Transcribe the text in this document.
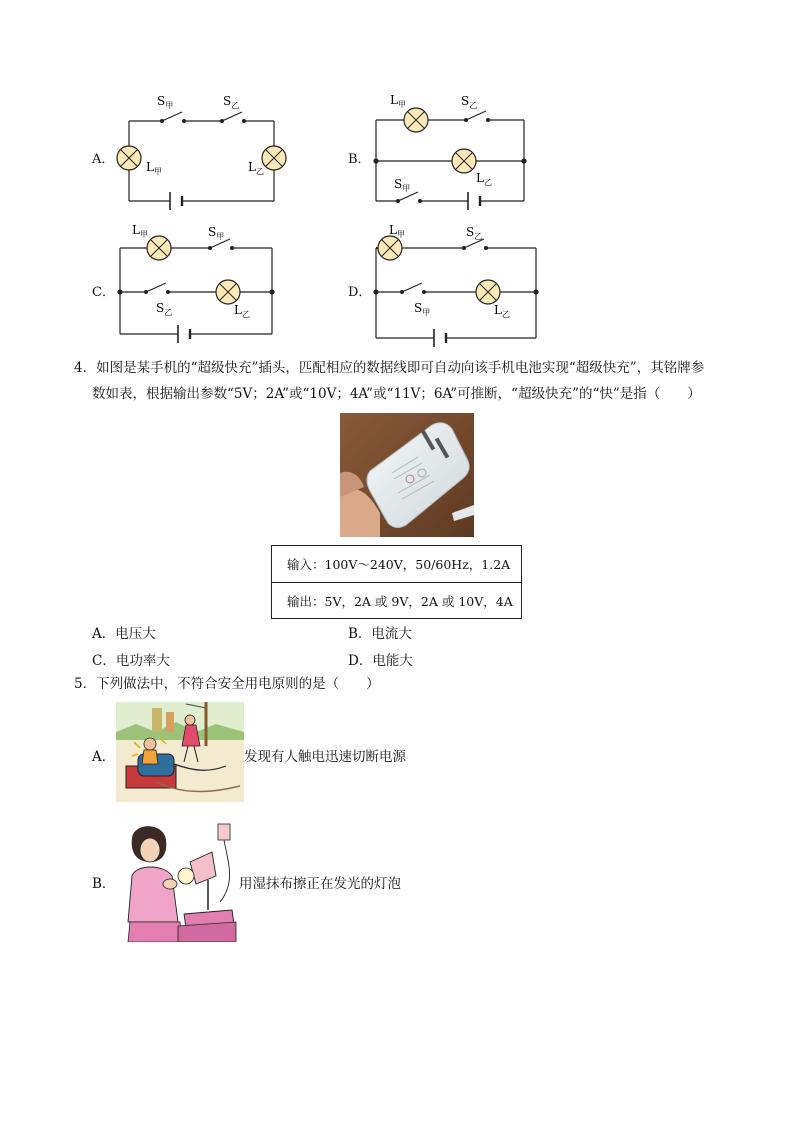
A．
$S_甲$	$S_乙$
$L_甲$	$L_乙$
B．
$L_甲$	$S_乙$
$L_乙$
$S_甲$
C．
$L_甲$	$S_甲$
$S_乙$	$L_乙$
D．
$L_甲$	$S_乙$
$S_甲$	$L_乙$
4．如图是某手机的“超级快充”插头，匹配相应的数据线即可自动向该手机电池实现“超级快充”，其铭牌参
数如表，根据输出参数“5V；2A”或“10V；4A”或“11V；6A”可推断，“超级快充”的“快”是指（　　）
输入：100V～240V，50/60Hz，1.2A
输出：5V，2A 或 9V，2A 或 10V，4A
A．电压大	B．电流大
C．电功率大	D．电能大
5．下列做法中，不符合安全用电原则的是（　　）
A．	发现有人触电迅速切断电源
B．	用湿抹布擦正在发光的灯泡
